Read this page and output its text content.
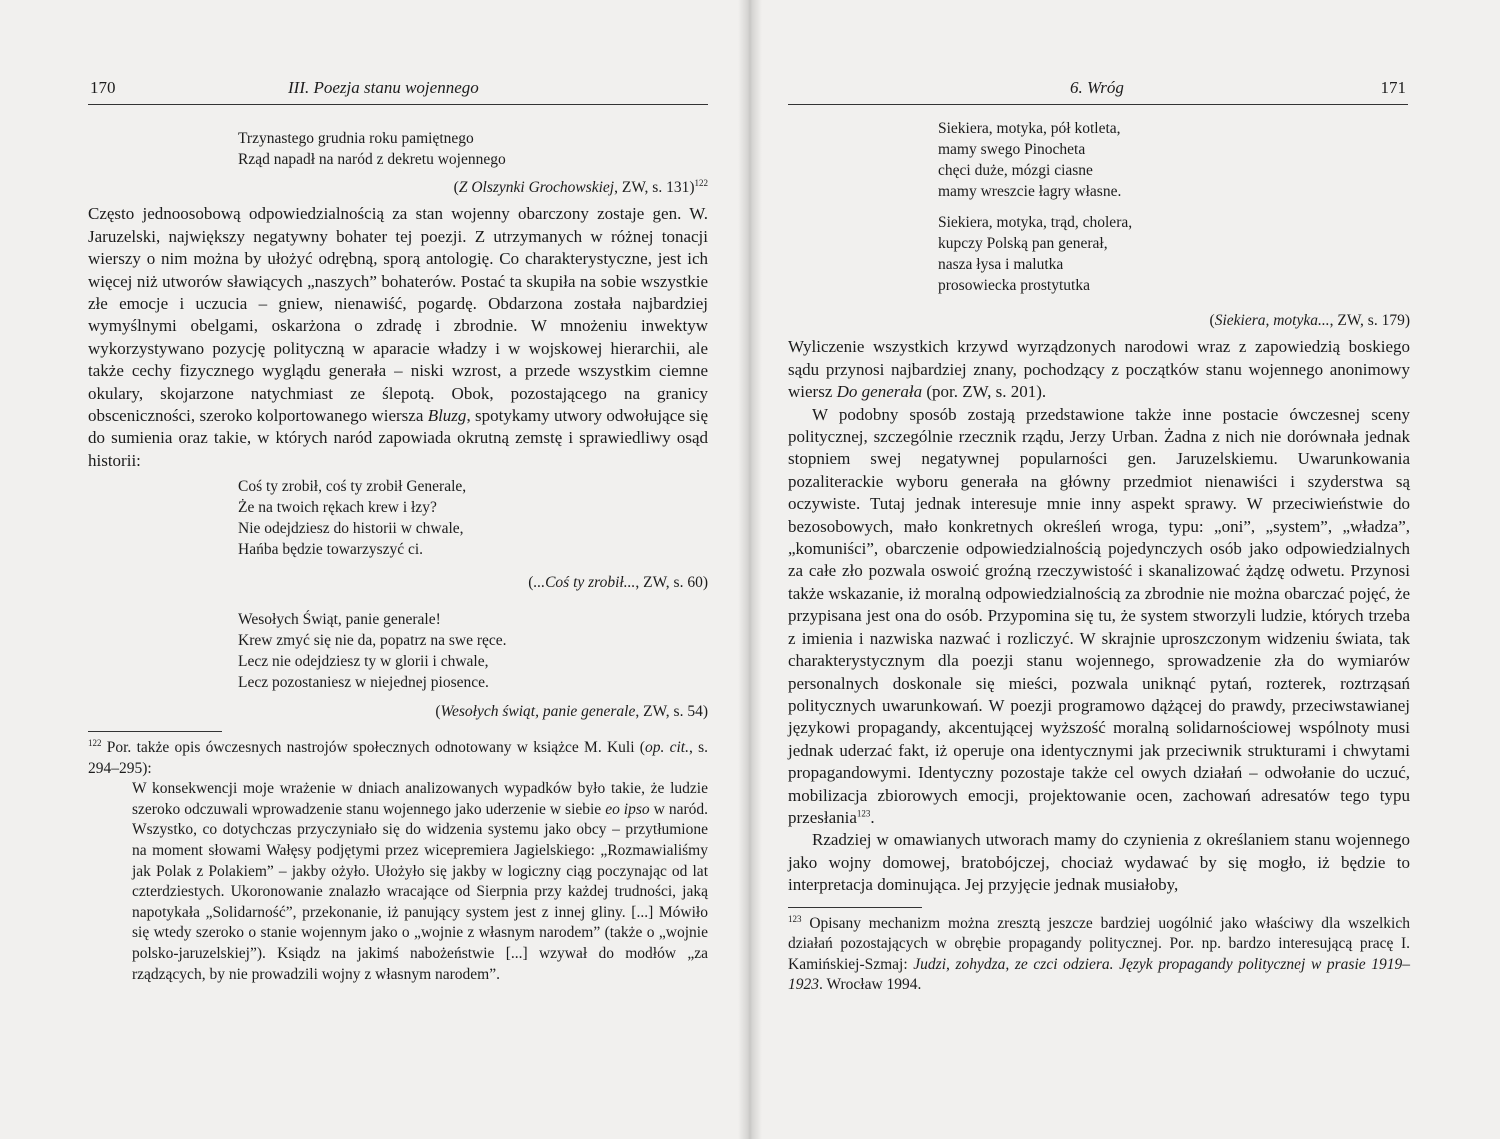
170	III. Poezja stanu wojennego
Trzynastego grudnia roku pamiętnego
Rząd napadł na naród z dekretu wojennego
(Z Olszynki Grochowskiej, ZW, s. 131)$^{122}$

Często jednoosobową odpowiedzialnością za stan wojenny obarczony zostaje gen. W. Jaruzelski, największy negatywny bohater tej poezji. Z utrzymanych w różnej tonacji wierszy o nim można by ułożyć odrębną, sporą antologię. Co charakterystyczne, jest ich więcej niż utworów sławiących „naszych” bohaterów. Postać ta skupiła na sobie wszystkie złe emocje i uczucia – gniew, nienawiść, pogardę. Obdarzona została najbardziej wymyślnymi obelgami, oskarżona o zdradę i zbrodnie. W mnożeniu inwektyw wykorzystywano pozycję polityczną w aparacie władzy i w wojskowej hierarchii, ale także cechy fizycznego wyglądu generała – niski wzrost, a przede wszystkim ciemne okulary, skojarzone natychmiast ze ślepotą. Obok, pozostającego na granicy obsceniczności, szeroko kolportowanego wiersza Bluzg, spotykamy utwory odwołujące się do sumienia oraz takie, w których naród zapowiada okrutną zemstę i sprawiedliwy osąd historii:

Coś ty zrobił, coś ty zrobił Generale,
Że na twoich rękach krew i łzy?
Nie odejdziesz do historii w chwale,
Hańba będzie towarzyszyć ci.
(...Coś ty zrobił..., ZW, s. 60)
Wesołych Świąt, panie generale!
Krew zmyć się nie da, popatrz na swe ręce.
Lecz nie odejdziesz ty w glorii i chwale,
Lecz pozostaniesz w niejednej piosence.
(Wesołych świąt, panie generale, ZW, s. 54)

$^{122}$ Por. także opis ówczesnych nastrojów społecznych odnotowany w książce M. Kuli (op. cit., s. 294–295):

W konsekwencji moje wrażenie w dniach analizowanych wypadków było takie, że ludzie szeroko odczuwali wprowadzenie stanu wojennego jako uderzenie w siebie eo ipso w naród. Wszystko, co dotychczas przyczyniało się do widzenia systemu jako obcy – przytłumione na moment słowami Wałęsy podjętymi przez wicepremiera Jagielskiego: „Rozmawialiśmy jak Polak z Polakiem” – jakby ożyło. Ułożyło się jakby w logiczny ciąg poczynając od lat czterdziestych. Ukoronowanie znalazło wracające od Sierpnia przy każdej trudności, jaką napotykała „Solidarność”, przekonanie, iż panujący system jest z innej gliny. [...] Mówiło się wtedy szeroko o stanie wojennym jako o „wojnie z własnym narodem” (także o „wojnie polsko-jaruzelskiej”). Ksiądz na jakimś nabożeństwie [...] wzywał do modłów „za rządzących, by nie prowadzili wojny z własnym narodem”.
6. Wróg	171
Siekiera, motyka, pół kotleta,
mamy swego Pinocheta
chęci duże, mózgi ciasne
mamy wreszcie łagry własne.
Siekiera, motyka, trąd, cholera,
kupczy Polską pan generał,
nasza łysa i malutka
prosowiecka prostytutka
(Siekiera, motyka..., ZW, s. 179)

Wyliczenie wszystkich krzywd wyrządzonych narodowi wraz z zapowiedzią boskiego sądu przynosi najbardziej znany, pochodzący z początków stanu wojennego anonimowy wiersz Do generała (por. ZW, s. 201).

W podobny sposób zostają przedstawione także inne postacie ówczesnej sceny politycznej, szczególnie rzecznik rządu, Jerzy Urban. Żadna z nich nie dorównała jednak stopniem swej negatywnej popularności gen. Jaruzelskiemu. Uwarunkowania pozaliterackie wyboru generała na główny przedmiot nienawiści i szyderstwa są oczywiste. Tutaj jednak interesuje mnie inny aspekt sprawy. W przeciwieństwie do bezosobowych, mało konkretnych określeń wroga, typu: „oni”, „system”, „władza”, „komuniści”, obarczenie odpowiedzialnością pojedynczych osób jako odpowiedzialnych za całe zło pozwala oswoić groźną rzeczywistość i skanalizować żądzę odwetu. Przynosi także wskazanie, iż moralną odpowiedzialnością za zbrodnie nie można obarczać pojęć, że przypisana jest ona do osób. Przypomina się tu, że system stworzyli ludzie, których trzeba z imienia i nazwiska nazwać i rozliczyć. W skrajnie uproszczonym widzeniu świata, tak charakterystycznym dla poezji stanu wojennego, sprowadzenie zła do wymiarów personalnych doskonale się mieści, pozwala uniknąć pytań, rozterek, roztrząsań politycznych uwarunkowań. W poezji programowo dążącej do prawdy, przeciwstawianej językowi propagandy, akcentującej wyższość moralną solidarnościowej wspólnoty musi jednak uderzać fakt, iż operuje ona identycznymi jak przeciwnik strukturami i chwytami propagandowymi. Identyczny pozostaje także cel owych działań – odwołanie do uczuć, mobilizacja zbiorowych emocji, projektowanie ocen, zachowań adresatów tego typu przesłania$^{123}$.

Rzadziej w omawianych utworach mamy do czynienia z określaniem stanu wojennego jako wojny domowej, bratobójczej, chociaż wydawać by się mogło, iż będzie to interpretacja dominująca. Jej przyjęcie jednak musiałoby,

$^{123}$ Opisany mechanizm można zresztą jeszcze bardziej uogólnić jako właściwy dla wszelkich działań pozostających w obrębie propagandy politycznej. Por. np. bardzo interesującą pracę I. Kamińskiej-Szmaj: Judzi, zohydza, ze czci odziera. Język propagandy politycznej w prasie 1919–1923. Wrocław 1994.
